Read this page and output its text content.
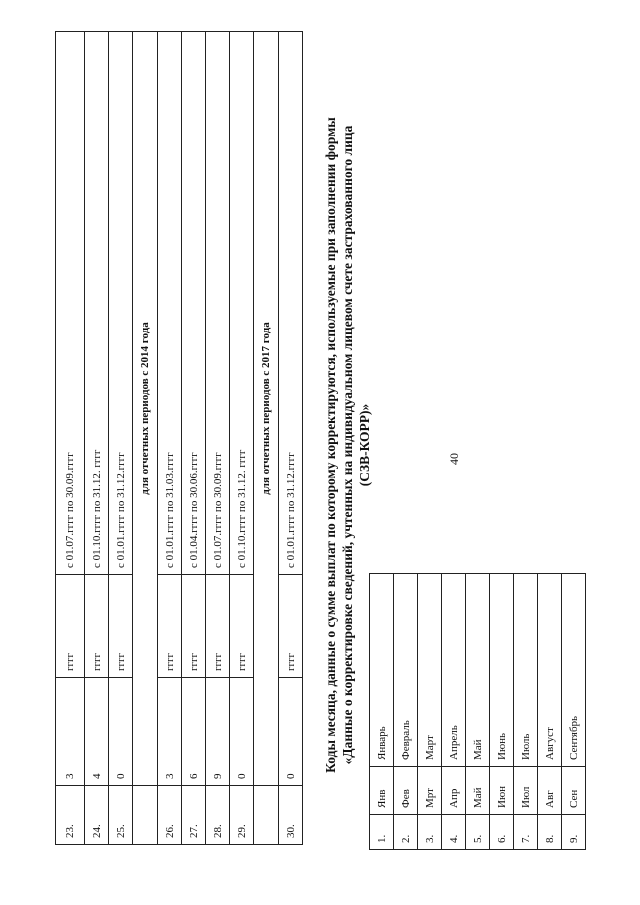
40
23.	3	гггг	с 01.07.гггг по 30.09.гггг
24.	4	гггг	с 01.10.гггг по 31.12. гггг
25.	0	гггг	с 01.01.гггг по 31.12.гггг
	для отчетных периодов с 2014 года		
26.	3	гггг	с 01.01.гггг по 31.03.гггг
27.	6	гггг	с 01.04.гггг по 30.06.гггг
28.	9	гггг	с 01.07.гггг по 30.09.гггг
29.	0	гггг	с 01.10.гггг по 31.12. гггг
	для отчетных периодов с 2017 года		
30.	0	гггг	с 01.01.гггг по 31.12.гггг Коды месяца, данные о сумме выплат по которому корректируются, используемые при заполнении формы «Данные о корректировке сведений, учтенных на индивидуальном лицевом счете застрахованного лица (СЗВ-КОРР)»
1.	Янв	Январь
2.	Фев	Февраль
3.	Мрт	Март
4.	Апр	Апрель
5.	Май	Май
6.	Июн	Июнь
7.	Июл	Июль
8.	Авг	Август
9.	Сен	Сентябрь
